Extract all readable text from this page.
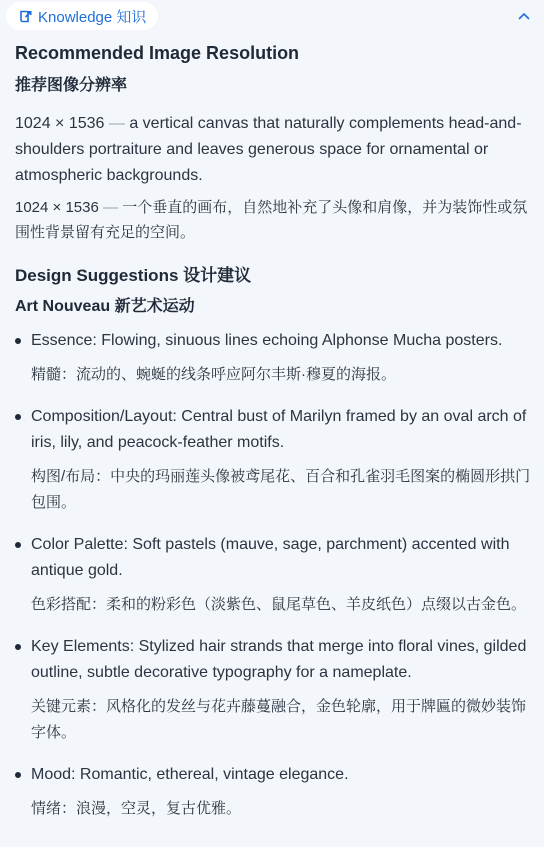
Knowledge 知识
Recommended Image Resolution
推荐图像分辨率

1024 × 1536 — a vertical canvas that naturally complements head-and-shoulders portraiture and leaves generous space for ornamental or atmospheric backgrounds.

1024 × 1536 — 一个垂直的画布，自然地补充了头像和肩像，并为装饰性或氛围性背景留有充足的空间。

Design Suggestions 设计建议
Art Nouveau 新艺术运动
Essence: Flowing, sinuous lines echoing Alphonse Mucha posters.
精髓：流动的、蜿蜒的线条呼应阿尔丰斯·穆夏的海报。
Composition/Layout: Central bust of Marilyn framed by an oval arch of iris, lily, and peacock-feather motifs.
构图/布局：中央的玛丽莲头像被鸢尾花、百合和孔雀羽毛图案的椭圆形拱门包围。
Color Palette: Soft pastels (mauve, sage, parchment) accented with antique gold.
色彩搭配：柔和的粉彩色（淡紫色、鼠尾草色、羊皮纸色）点缀以古金色。
Key Elements: Stylized hair strands that merge into floral vines, gilded outline, subtle decorative typography for a nameplate.
关键元素：风格化的发丝与花卉藤蔓融合，金色轮廓，用于牌匾的微妙装饰字体。
Mood: Romantic, ethereal, vintage elegance.
情绪：浪漫，空灵，复古优雅。
